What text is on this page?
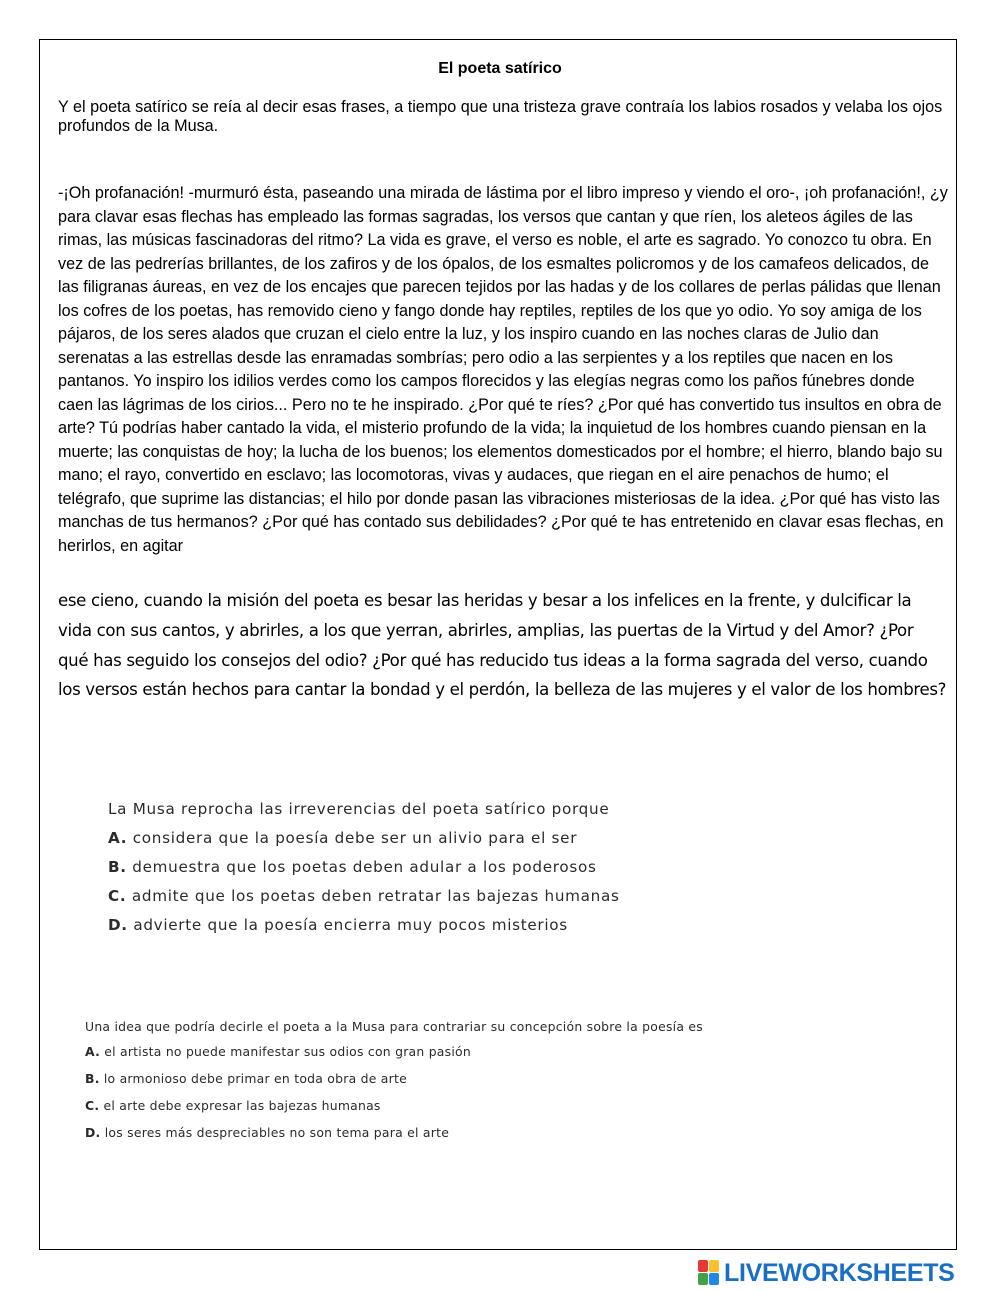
El poeta satírico
Y el poeta satírico se reía al decir esas frases, a tiempo que una tristeza grave contraía los labios rosados y velaba los ojos profundos de la Musa.
-¡Oh profanación! -murmuró ésta, paseando una mirada de lástima por el libro impreso y viendo el oro-, ¡oh profanación!, ¿y para clavar esas flechas has empleado las formas sagradas, los versos que cantan y que ríen, los aleteos ágiles de las rimas, las músicas fascinadoras del ritmo? La vida es grave, el verso es noble, el arte es sagrado. Yo conozco tu obra. En vez de las pedrerías brillantes, de los zafiros y de los ópalos, de los esmaltes policromos y de los camafeos delicados, de las filigranas áureas, en vez de los encajes que parecen tejidos por las hadas y de los collares de perlas pálidas que llenan los cofres de los poetas, has removido cieno y fango donde hay reptiles, reptiles de los que yo odio. Yo soy amiga de los pájaros, de los seres alados que cruzan el cielo entre la luz, y los inspiro cuando en las noches claras de Julio dan serenatas a las estrellas desde las enramadas sombrías; pero odio a las serpientes y a los reptiles que nacen en los pantanos. Yo inspiro los idilios verdes como los campos florecidos y las elegías negras como los paños fúnebres donde caen las lágrimas de los cirios... Pero no te he inspirado. ¿Por qué te ríes? ¿Por qué has convertido tus insultos en obra de arte? Tú podrías haber cantado la vida, el misterio profundo de la vida; la inquietud de los hombres cuando piensan en la muerte; las conquistas de hoy; la lucha de los buenos; los elementos domesticados por el hombre; el hierro, blando bajo su mano; el rayo, convertido en esclavo; las locomotoras, vivas y audaces, que riegan en el aire penachos de humo; el telégrafo, que suprime las distancias; el hilo por donde pasan las vibraciones misteriosas de la idea. ¿Por qué has visto las manchas de tus hermanos? ¿Por qué has contado sus debilidades? ¿Por qué te has entretenido en clavar esas flechas, en herirlos, en agitar
ese cieno, cuando la misión del poeta es besar las heridas y besar a los infelices en la frente, y dulcificar la vida con sus cantos, y abrirles, a los que yerran, abrirles, amplias, las puertas de la Virtud y del Amor? ¿Por qué has seguido los consejos del odio? ¿Por qué has reducido tus ideas a la forma sagrada del verso, cuando los versos están hechos para cantar la bondad y el perdón, la belleza de las mujeres y el valor de los hombres?
La Musa reprocha las irreverencias del poeta satírico porque
A. considera que la poesía debe ser un alivio para el ser
B. demuestra que los poetas deben adular a los poderosos
C. admite que los poetas deben retratar las bajezas humanas
D. advierte que la poesía encierra muy pocos misterios
Una idea que podría decirle el poeta a la Musa para contrariar su concepción sobre la poesía es
A. el artista no puede manifestar sus odios con gran pasión
B. lo armonioso debe primar en toda obra de arte
C. el arte debe expresar las bajezas humanas
D. los seres más despreciables no son tema para el arte
LIVEWORKSHEETS
